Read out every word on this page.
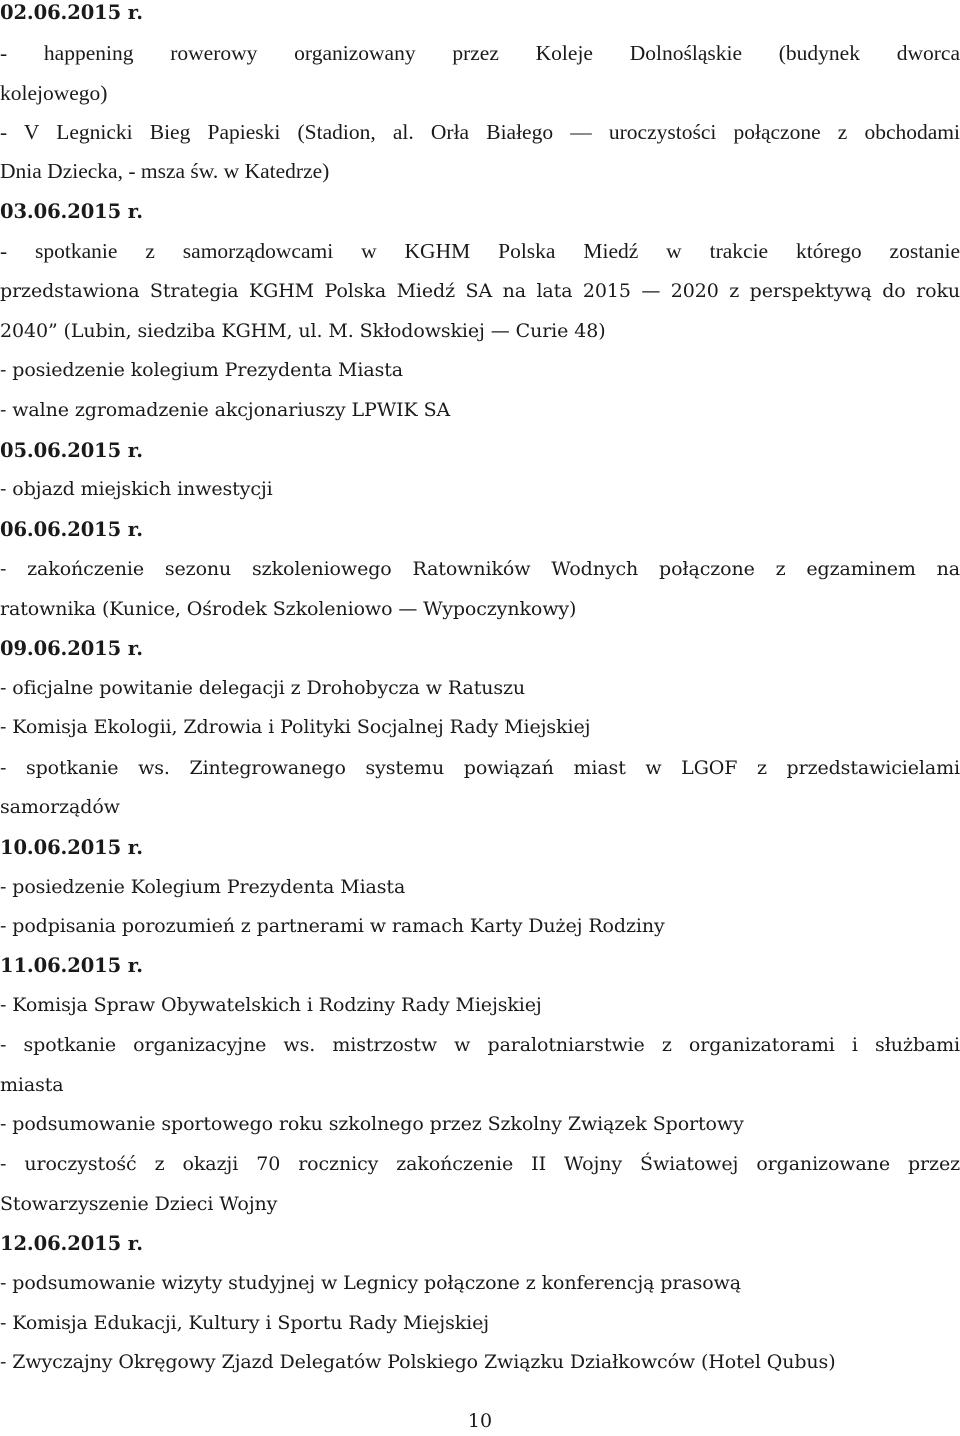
02.06.2015 r.
- happening rowerowy organizowany przez Koleje Dolnośląskie (budynek dworca
kolejowego)
- V Legnicki Bieg Papieski (Stadion, al. Orła Białego — uroczystości połączone z obchodami
Dnia Dziecka, - msza św. w Katedrze)
03.06.2015 r.
- spotkanie z samorządowcami w KGHM Polska Miedź w trakcie którego zostanie
przedstawiona Strategia KGHM Polska Miedź SA na lata 2015 — 2020 z perspektywą do roku
2040” (Lubin, siedziba KGHM, ul. M. Skłodowskiej — Curie 48)
- posiedzenie kolegium Prezydenta Miasta
- walne zgromadzenie akcjonariuszy LPWIK SA
05.06.2015 r.
- objazd miejskich inwestycji
06.06.2015 r.
- zakończenie sezonu szkoleniowego Ratowników Wodnych połączone z egzaminem na
ratownika (Kunice, Ośrodek Szkoleniowo — Wypoczynkowy)
09.06.2015 r.
- oficjalne powitanie delegacji z Drohobycza w Ratuszu
- Komisja Ekologii, Zdrowia i Polityki Socjalnej Rady Miejskiej
- spotkanie ws. Zintegrowanego systemu powiązań miast w LGOF z przedstawicielami
samorządów
10.06.2015 r.
- posiedzenie Kolegium Prezydenta Miasta
- podpisania porozumień z partnerami w ramach Karty Dużej Rodziny
11.06.2015 r.
- Komisja Spraw Obywatelskich i Rodziny Rady Miejskiej
- spotkanie organizacyjne ws. mistrzostw w paralotniarstwie z organizatorami i służbami
miasta
- podsumowanie sportowego roku szkolnego przez Szkolny Związek Sportowy
- uroczystość z okazji 70 rocznicy zakończenie II Wojny Światowej organizowane przez
Stowarzyszenie Dzieci Wojny
12.06.2015 r.
- podsumowanie wizyty studyjnej w Legnicy połączone z konferencją prasową
- Komisja Edukacji, Kultury i Sportu Rady Miejskiej
- Zwyczajny Okręgowy Zjazd Delegatów Polskiego Związku Działkowców (Hotel Qubus)
10
